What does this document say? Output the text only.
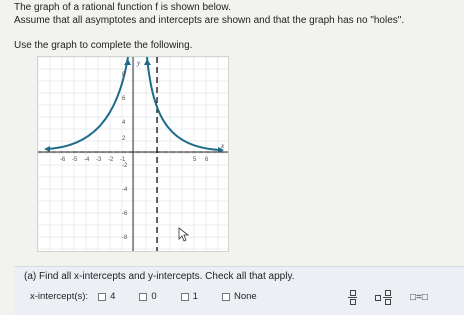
The graph of a rational function f is shown below.
Assume that all asymptotes and intercepts are shown and that the graph has no "holes".
Use the graph to complete the following.
-6 -5 -4 -3 -2 -1	5 6
8
6
4
2
-2
-4
-6
-8
x
y
(a) Find all x-intercepts and y-intercepts. Check all that apply.
x-intercept(s): 4	0	1	None	□=□
